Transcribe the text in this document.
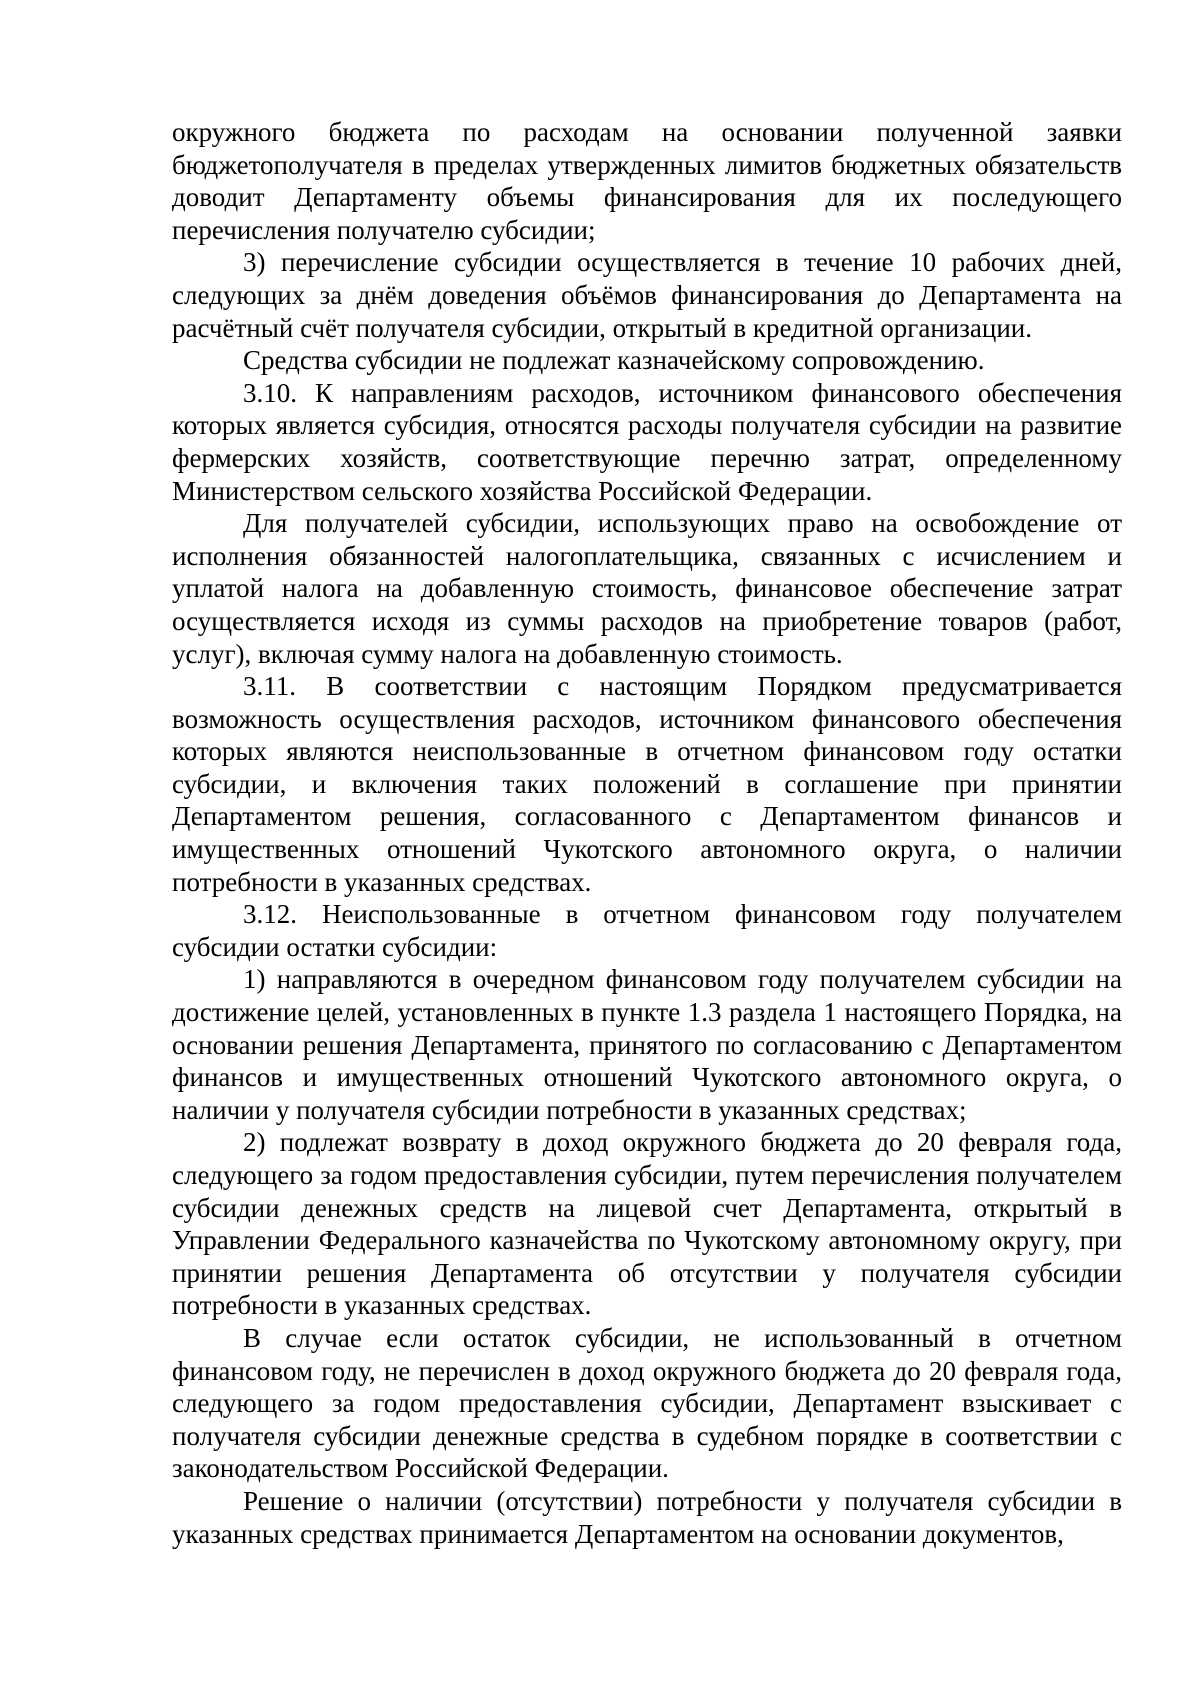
окружного бюджета по расходам на основании полученной заявки бюджетополучателя в пределах утвержденных лимитов бюджетных обязательств доводит Департаменту объемы финансирования для их последующего перечисления получателю субсидии;

3) перечисление субсидии осуществляется в течение 10 рабочих дней, следующих за днём доведения объёмов финансирования до Департамента на расчётный счёт получателя субсидии, открытый в кредитной организации.

Средства субсидии не подлежат казначейскому сопровождению.

3.10. К направлениям расходов, источником финансового обеспечения которых является субсидия, относятся расходы получателя субсидии на развитие фермерских хозяйств, соответствующие перечню затрат, определенному Министерством сельского хозяйства Российской Федерации.

Для получателей субсидии, использующих право на освобождение от исполнения обязанностей налогоплательщика, связанных с исчислением и уплатой налога на добавленную стоимость, финансовое обеспечение затрат осуществляется исходя из суммы расходов на приобретение товаров (работ, услуг), включая сумму налога на добавленную стоимость.

3.11. В соответствии с настоящим Порядком предусматривается возможность осуществления расходов, источником финансового обеспечения которых являются неиспользованные в отчетном финансовом году остатки субсидии, и включения таких положений в соглашение при принятии Департаментом решения, согласованного с Департаментом финансов и имущественных отношений Чукотского автономного округа, о наличии потребности в указанных средствах.

3.12. Неиспользованные в отчетном финансовом году получателем субсидии остатки субсидии:

1) направляются в очередном финансовом году получателем субсидии на достижение целей, установленных в пункте 1.3 раздела 1 настоящего Порядка, на основании решения Департамента, принятого по согласованию с Департаментом финансов и имущественных отношений Чукотского автономного округа, о наличии у получателя субсидии потребности в указанных средствах;

2) подлежат возврату в доход окружного бюджета до 20 февраля года, следующего за годом предоставления субсидии, путем перечисления получателем субсидии денежных средств на лицевой счет Департамента, открытый в Управлении Федерального казначейства по Чукотскому автономному округу, при принятии решения Департамента об отсутствии у получателя субсидии потребности в указанных средствах.

В случае если остаток субсидии, не использованный в отчетном финансовом году, не перечислен в доход окружного бюджета до 20 февраля года, следующего за годом предоставления субсидии, Департамент взыскивает с получателя субсидии денежные средства в судебном порядке в соответствии с законодательством Российской Федерации.

Решение о наличии (отсутствии) потребности у получателя субсидии в указанных средствах принимается Департаментом на основании документов,
